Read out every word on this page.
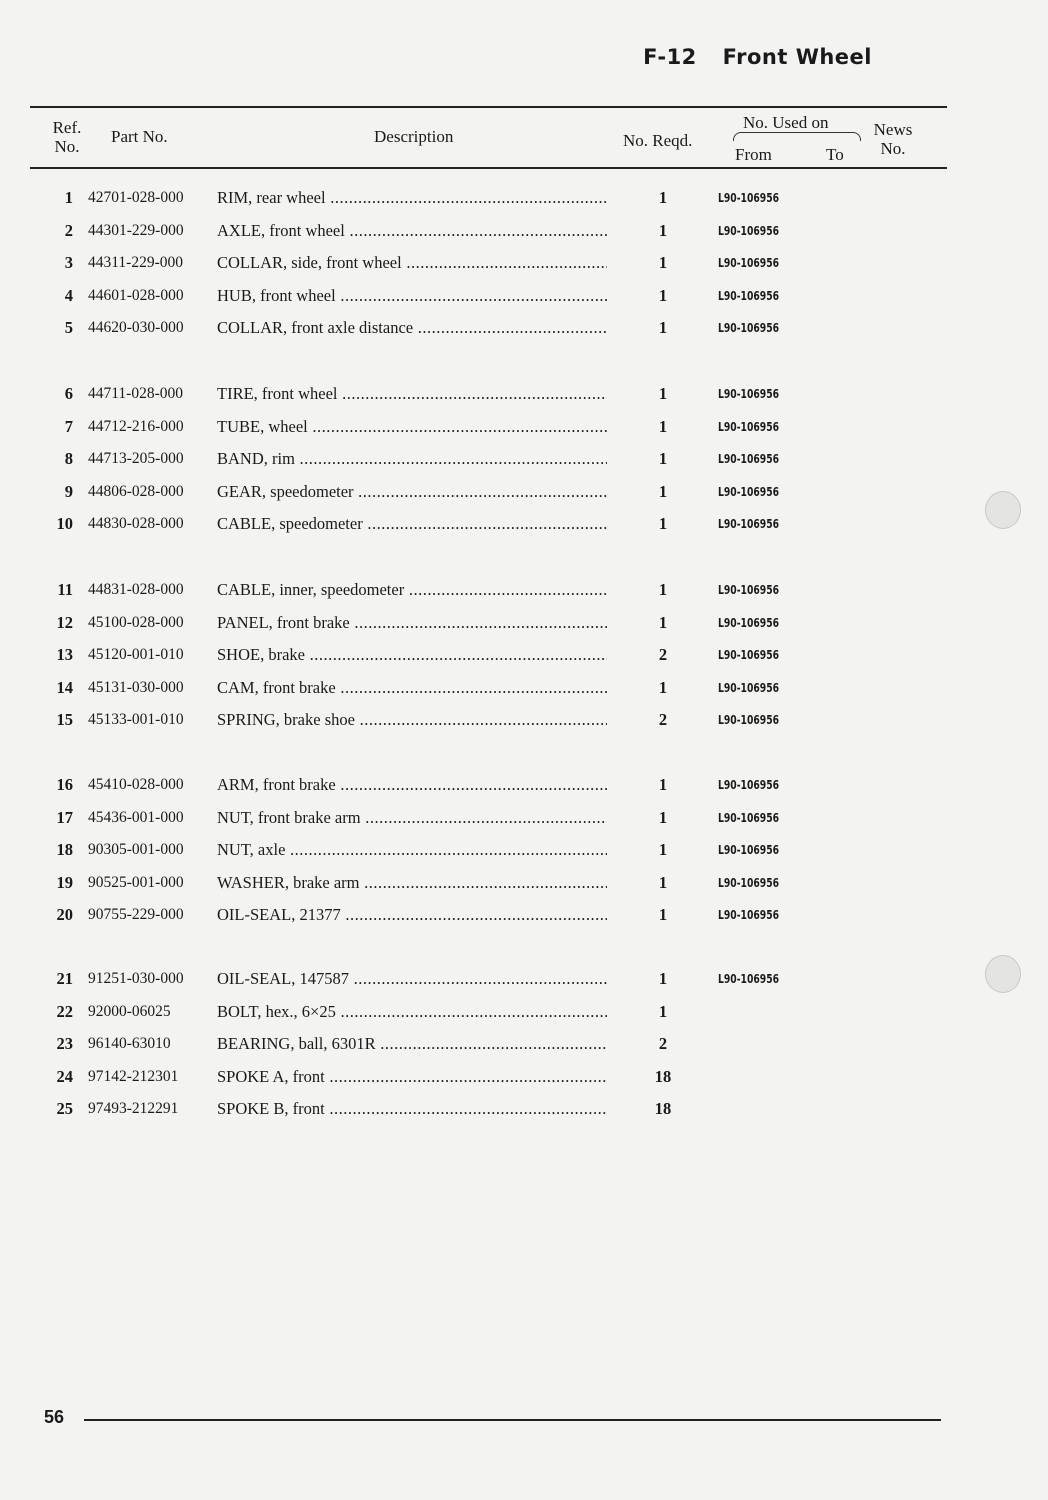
F-12 Front Wheel
Ref.
No.
Part No.	Description	No. Reqd.
No. Used on
From	To
News
No.
1 42701-028-000 RIM, rear wheel .....	1	L90-106956
2 44301-229-000 AXLE, front wheel .....	1	L90-106956
3 44311-229-000 COLLAR, side, front wheel .....	1	L90-106956
4 44601-028-000 HUB, front wheel .....	1	L90-106956
5 44620-030-000 COLLAR, front axle distance .....	1	L90-106956
6 44711-028-000 TIRE, front wheel .....	1	L90-106956
7 44712-216-000 TUBE, wheel .....	1	L90-106956
8 44713-205-000 BAND, rim .....	1	L90-106956
9 44806-028-000 GEAR, speedometer .....	1	L90-106956
10 44830-028-000 CABLE, speedometer .....	1	L90-106956
11 44831-028-000 CABLE, inner, speedometer .....	1	L90-106956
12 45100-028-000 PANEL, front brake .....	1	L90-106956
13 45120-001-010 SHOE, brake .....	2	L90-106956
14 45131-030-000 CAM, front brake .....	1	L90-106956
15 45133-001-010 SPRING, brake shoe .....	2	L90-106956
16 45410-028-000 ARM, front brake .....	1	L90-106956
17 45436-001-000 NUT, front brake arm .....	1	L90-106956
18 90305-001-000 NUT, axle .....	1	L90-106956
19 90525-001-000 WASHER, brake arm .....	1	L90-106956
20 90755-229-000 OIL-SEAL, 21377 .....	1	L90-106956
21 91251-030-000 OIL-SEAL, 147587 .....	1	L90-106956
22 92000-06025	BOLT, hex., 6×25 .....	1
23 96140-63010	BEARING, ball, 6301R .....	2
24 97142-212301 SPOKE A, front .....	18
25 97493-212291 SPOKE B, front .....	18
56
